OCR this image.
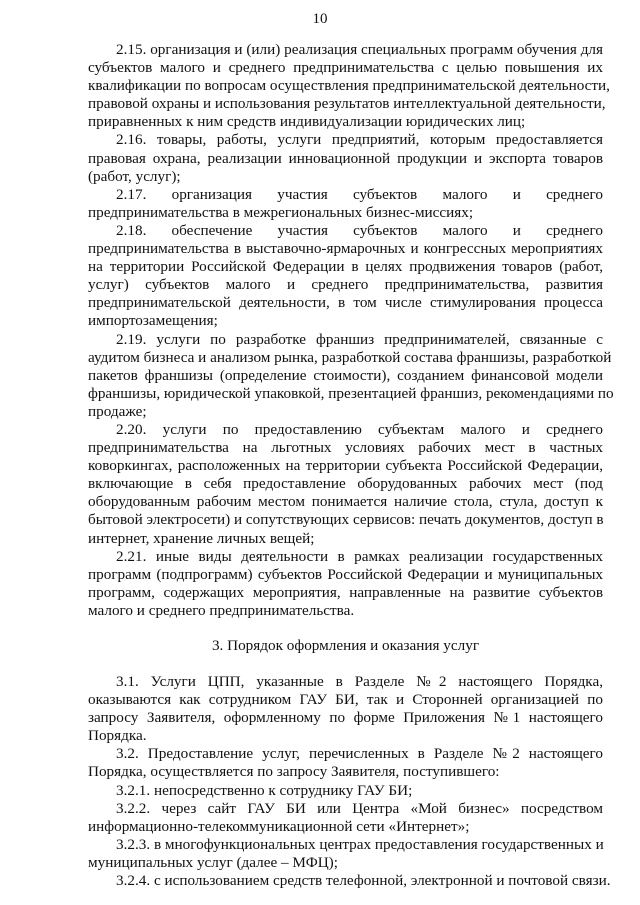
10
2.15. организация и (или) реализация специальных программ обучения для
субъектов малого и среднего предпринимательства с целью повышения их
квалификации по вопросам осуществления предпринимательской деятельности,
правовой охраны и использования результатов интеллектуальной деятельности,
приравненных к ним средств индивидуализации юридических лиц;
2.16. товары, работы, услуги предприятий, которым предоставляется
правовая охрана, реализации инновационной продукции и экспорта товаров
(работ, услуг);
2.17. организация участия субъектов малого и среднего
предпринимательства в межрегиональных бизнес-миссиях;
2.18. обеспечение участия субъектов малого и среднего
предпринимательства в выставочно-ярмарочных и конгрессных мероприятиях
на территории Российской Федерации в целях продвижения товаров (работ,
услуг) субъектов малого и среднего предпринимательства, развития
предпринимательской деятельности, в том числе стимулирования процесса
импортозамещения;
2.19. услуги по разработке франшиз предпринимателей, связанные с
аудитом бизнеса и анализом рынка, разработкой состава франшизы, разработкой
пакетов франшизы (определение стоимости), созданием финансовой модели
франшизы, юридической упаковкой, презентацией франшиз, рекомендациями по
продаже;
2.20. услуги по предоставлению субъектам малого и среднего
предпринимательства на льготных условиях рабочих мест в частных
коворкингах, расположенных на территории субъекта Российской Федерации,
включающие в себя предоставление оборудованных рабочих мест (под
оборудованным рабочим местом понимается наличие стола, стула, доступ к
бытовой электросети) и сопутствующих сервисов: печать документов, доступ в
интернет, хранение личных вещей;
2.21. иные виды деятельности в рамках реализации государственных
программ (подпрограмм) субъектов Российской Федерации и муниципальных
программ, содержащих мероприятия, направленные на развитие субъектов
малого и среднего предпринимательства.
3. Порядок оформления и оказания услуг
3.1. Услуги ЦПП, указанные в Разделе №2 настоящего Порядка,
оказываются как сотрудником ГАУ БИ, так и Сторонней организацией по
запросу Заявителя, оформленному по форме Приложения №1 настоящего
Порядка.
3.2. Предоставление услуг, перечисленных в Разделе №2 настоящего
Порядка, осуществляется по запросу Заявителя, поступившего:
3.2.1. непосредственно к сотруднику ГАУ БИ;
3.2.2. через сайт ГАУ БИ или Центра «Мой бизнес» посредством
информационно-телекоммуникационной сети «Интернет»;
3.2.3. в многофункциональных центрах предоставления государственных и
муниципальных услуг (далее – МФЦ);
3.2.4. с использованием средств телефонной, электронной и почтовой связи.
